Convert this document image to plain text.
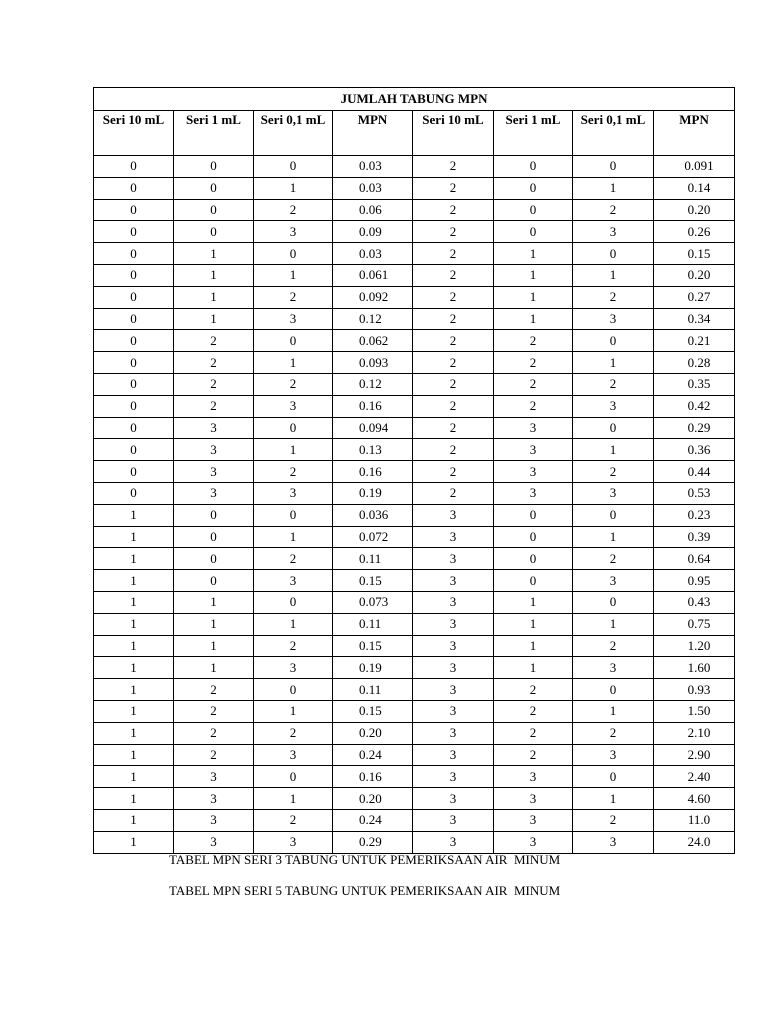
JUMLAH TABUNG MPN							
Seri 10 mL	Seri 1 mL	Seri 0,1 mL	MPN	Seri 10 mL	Seri 1 mL	Seri 0,1 mL	MPN
0	0	0	0.03	2	0	0	0.091
0	0	1	0.03	2	0	1	0.14
0	0	2	0.06	2	0	2	0.20
0	0	3	0.09	2	0	3	0.26
0	1	0	0.03	2	1	0	0.15
0	1	1	0.061	2	1	1	0.20
0	1	2	0.092	2	1	2	0.27
0	1	3	0.12	2	1	3	0.34
0	2	0	0.062	2	2	0	0.21
0	2	1	0.093	2	2	1	0.28
0	2	2	0.12	2	2	2	0.35
0	2	3	0.16	2	2	3	0.42
0	3	0	0.094	2	3	0	0.29
0	3	1	0.13	2	3	1	0.36
0	3	2	0.16	2	3	2	0.44
0	3	3	0.19	2	3	3	0.53
1	0	0	0.036	3	0	0	0.23
1	0	1	0.072	3	0	1	0.39
1	0	2	0.11	3	0	2	0.64
1	0	3	0.15	3	0	3	0.95
1	1	0	0.073	3	1	0	0.43
1	1	1	0.11	3	1	1	0.75
1	1	2	0.15	3	1	2	1.20
1	1	3	0.19	3	1	3	1.60
1	2	0	0.11	3	2	0	0.93
1	2	1	0.15	3	2	1	1.50
1	2	2	0.20	3	2	2	2.10
1	2	3	0.24	3	2	3	2.90
1	3	0	0.16	3	3	0	2.40
1	3	1	0.20	3	3	1	4.60
1	3	2	0.24	3	3	2	11.0
1	3	3	0.29	3	3	3	24.0
TABEL MPN SERI 3 TABUNG UNTUK PEMERIKSAAN AIR  MINUM
TABEL MPN SERI 5 TABUNG UNTUK PEMERIKSAAN AIR  MINUM
